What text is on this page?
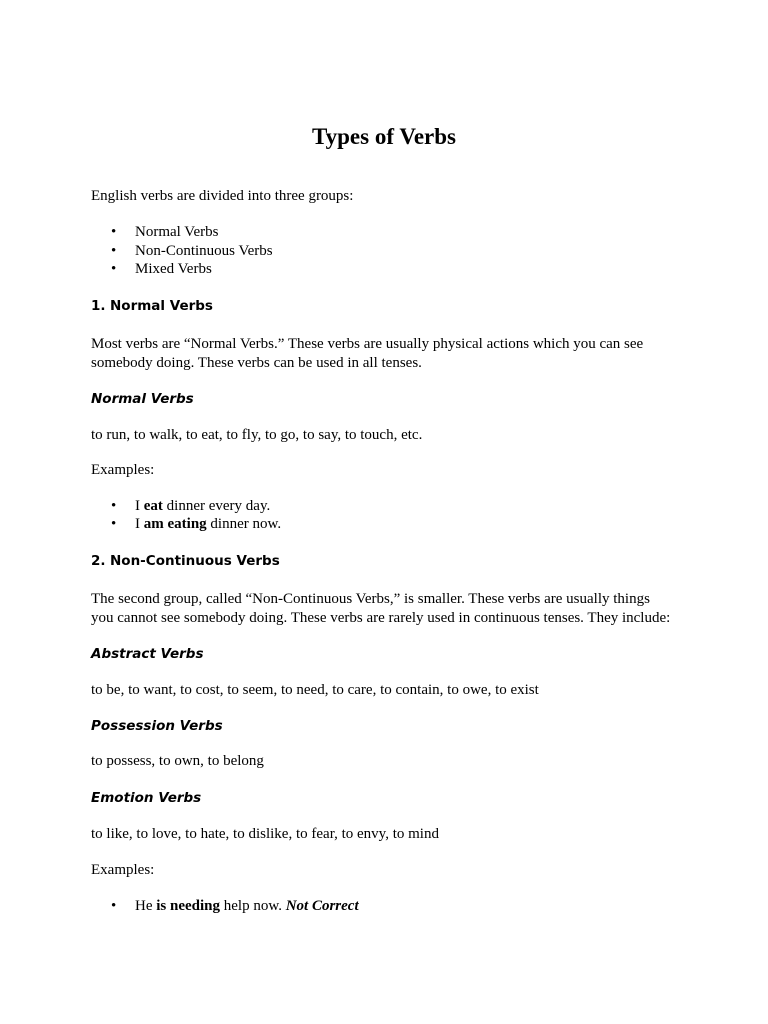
Types of Verbs

English verbs are divided into three groups:

• Normal Verbs
• Non-Continuous Verbs
• Mixed Verbs
1. Normal Verbs

Most verbs are “Normal Verbs.” These verbs are usually physical actions which you can see

somebody doing. These verbs can be used in all tenses.

Normal Verbs

to run, to walk, to eat, to fly, to go, to say, to touch, etc.

Examples:

• I eat dinner every day.
• I am eating dinner now.
2. Non-Continuous Verbs

The second group, called “Non-Continuous Verbs,” is smaller. These verbs are usually things

you cannot see somebody doing. These verbs are rarely used in continuous tenses. They include:

Abstract Verbs

to be, to want, to cost, to seem, to need, to care, to contain, to owe, to exist

Possession Verbs

to possess, to own, to belong

Emotion Verbs

to like, to love, to hate, to dislike, to fear, to envy, to mind

Examples:

• He is needing help now. Not Correct
